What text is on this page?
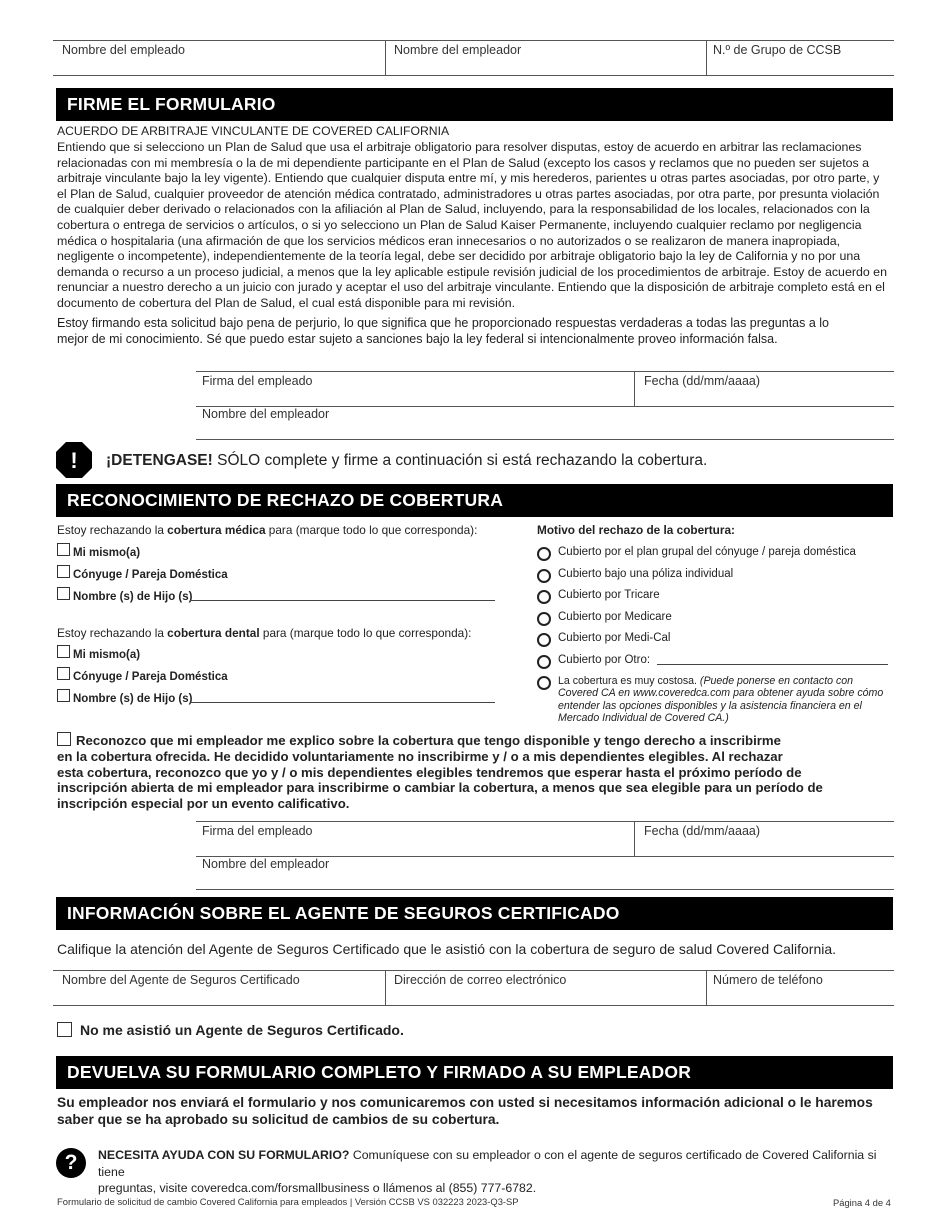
Nombre del empleado	Nombre del empleador	N.º de Grupo de CCSB
FIRME EL FORMULARIO
ACUERDO DE ARBITRAJE VINCULANTE DE COVERED CALIFORNIA
Entiendo que si selecciono un Plan de Salud que usa el arbitraje obligatorio para resolver disputas, estoy de acuerdo en arbitrar las reclamaciones
relacionadas con mi membresía o la de mi dependiente participante en el Plan de Salud (excepto los casos y reclamos que no pueden ser sujetos a
arbitraje vinculante bajo la ley vigente). Entiendo que cualquier disputa entre mí, y mis herederos, parientes u otras partes asociadas, por otro parte, y
el Plan de Salud, cualquier proveedor de atención médica contratado, administradores u otras partes asociadas, por otra parte, por presunta violación
de cualquier deber derivado o relacionados con la afiliación al Plan de Salud, incluyendo, para la responsabilidad de los locales, relacionados con la
cobertura o entrega de servicios o artículos, o si yo selecciono un Plan de Salud Kaiser Permanente, incluyendo cualquier reclamo por negligencia
médica o hospitalaria (una afirmación de que los servicios médicos eran innecesarios o no autorizados o se realizaron de manera inapropiada,
negligente o incompetente), independientemente de la teoría legal, debe ser decidido por arbitraje obligatorio bajo la ley de California y no por una
demanda o recurso a un proceso judicial, a menos que la ley aplicable estipule revisión judicial de los procedimientos de arbitraje. Estoy de acuerdo en
renunciar a nuestro derecho a un juicio con jurado y aceptar el uso del arbitraje vinculante. Entiendo que la disposición de arbitraje completo está en el
documento de cobertura del Plan de Salud, el cual está disponible para mi revisión.
Estoy firmando esta solicitud bajo pena de perjurio, lo que significa que he proporcionado respuestas verdaderas a todas las preguntas a lo
mejor de mi conocimiento. Sé que puedo estar sujeto a sanciones bajo la ley federal si intencionalmente proveo información falsa.
Firma del empleado	Fecha (dd/mm/aaaa)
Nombre del empleador
! ¡DETENGASE! SÓLO complete y firme a continuación si está rechazando la cobertura.
RECONOCIMIENTO DE RECHAZO DE COBERTURA
Estoy rechazando la cobertura médica para (marque todo lo que corresponda):
Mi mismo(a)
Cónyuge / Pareja Doméstica
Nombre (s) de Hijo (s)
Estoy rechazando la cobertura dental para (marque todo lo que corresponda):
Mi mismo(a)
Cónyuge / Pareja Doméstica
Nombre (s) de Hijo (s)
Motivo del rechazo de la cobertura:
Cubierto por el plan grupal del cónyuge / pareja doméstica
Cubierto bajo una póliza individual
Cubierto por Tricare
Cubierto por Medicare
Cubierto por Medi-Cal
Cubierto por Otro:
La cobertura es muy costosa. (Puede ponerse en contacto con
Covered CA en www.coveredca.com para obtener ayuda sobre cómo
entender las opciones disponibles y la asistencia financiera en el
Mercado Individual de Covered CA.)
Reconozco que mi empleador me explico sobre la cobertura que tengo disponible y tengo derecho a inscribirme
en la cobertura ofrecida. He decidido voluntariamente no inscribirme y / o a mis dependientes elegibles. Al rechazar
esta cobertura, reconozco que yo y / o mis dependientes elegibles tendremos que esperar hasta el próximo período de
inscripción abierta de mi empleador para inscribirme o cambiar la cobertura, a menos que sea elegible para un período de
inscripción especial por un evento calificativo.
Firma del empleado	Fecha (dd/mm/aaaa)
Nombre del empleador
INFORMACIÓN SOBRE EL AGENTE DE SEGUROS CERTIFICADO
Califique la atención del Agente de Seguros Certificado que le asistió con la cobertura de seguro de salud Covered California.
Nombre del Agente de Seguros Certificado	Dirección de correo electrónico	Número de teléfono
No me asistió un Agente de Seguros Certificado.
DEVUELVA SU FORMULARIO COMPLETO Y FIRMADO A SU EMPLEADOR
Su empleador nos enviará el formulario y nos comunicaremos con usted si necesitamos información adicional o le haremos
saber que se ha aprobado su solicitud de cambios de su cobertura.
?	NECESITA AYUDA CON SU FORMULARIO? Comuníquese con su empleador o con el agente de seguros certificado de Covered California si tiene
preguntas, visite coveredca.com/forsmallbusiness o llámenos al (855) 777-6782.
Formulario de solicitud de cambio Covered California para empleados | Versión CCSB VS 032223 2023-Q3-SP	Página 4 de 4
